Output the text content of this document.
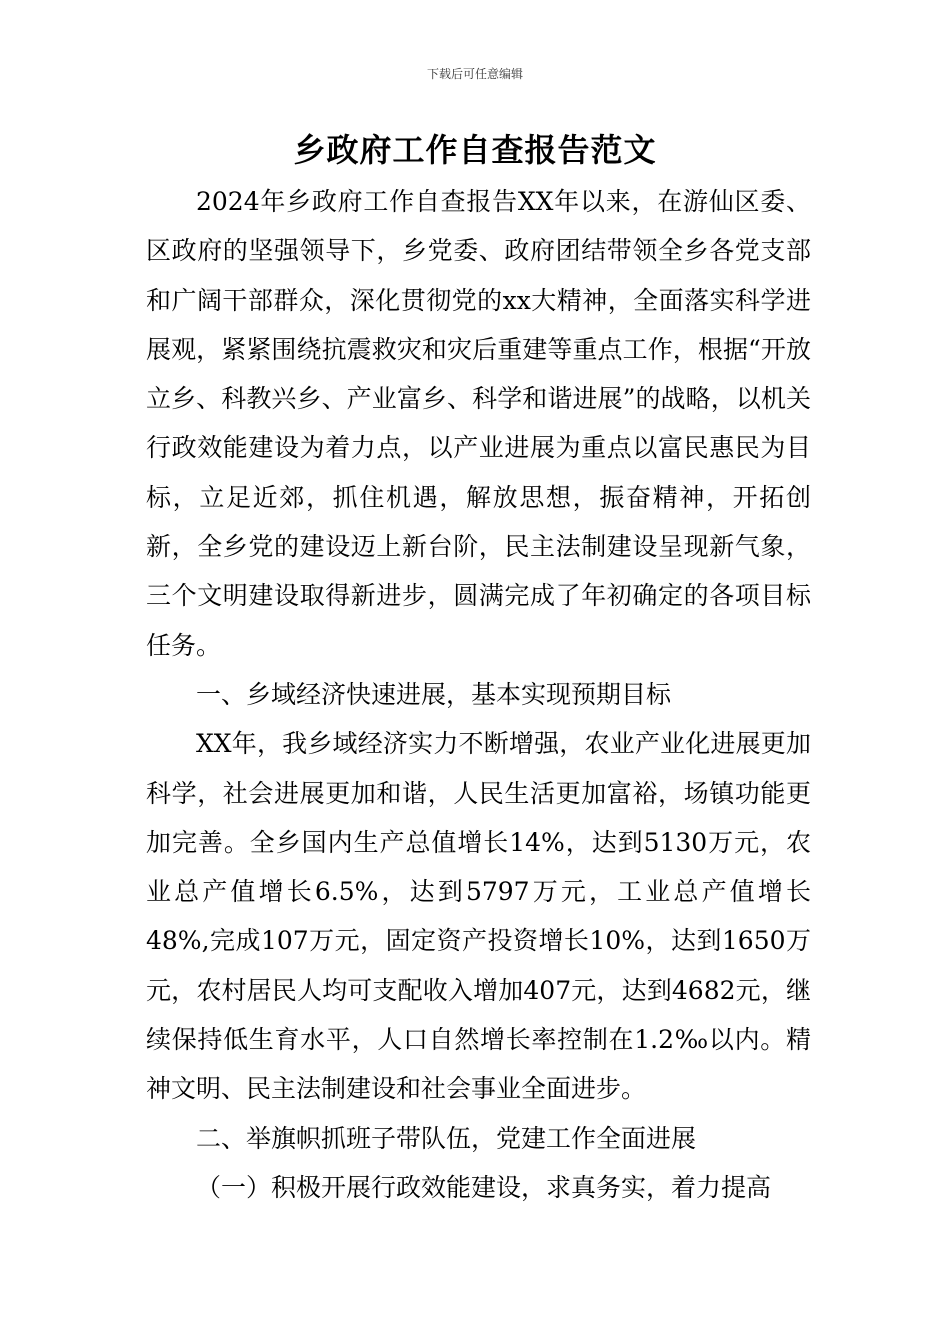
下载后可任意编辑
乡政府工作自查报告范文

2024年乡政府工作自查报告XX年以来，在游仙区委、区政府的坚强领导下，乡党委、政府团结带领全乡各党支部和广阔干部群众，深化贯彻党的xx大精神，全面落实科学进展观，紧紧围绕抗震救灾和灾后重建等重点工作，根据“开放立乡、科教兴乡、产业富乡、科学和谐进展”的战略，以机关行政效能建设为着力点，以产业进展为重点以富民惠民为目标，立足近郊，抓住机遇，解放思想，振奋精神，开拓创新，全乡党的建设迈上新台阶，民主法制建设呈现新气象，三个文明建设取得新进步，圆满完成了年初确定的各项目标任务。

一、乡域经济快速进展，基本实现预期目标

XX年，我乡域经济实力不断增强，农业产业化进展更加科学，社会进展更加和谐，人民生活更加富裕，场镇功能更加完善。全乡国内生产总值增长14%，达到5130万元，农业总产值增长6.5%，达到5797万元，工业总产值增长48%,完成107万元，固定资产投资增长10%，达到1650万元，农村居民人均可支配收入增加407元，达到4682元，继续保持低生育水平，人口自然增长率控制在1.2‰以内。精神文明、民主法制建设和社会事业全面进步。

二、举旗帜抓班子带队伍，党建工作全面进展

（一）积极开展行政效能建设，求真务实，着力提高
